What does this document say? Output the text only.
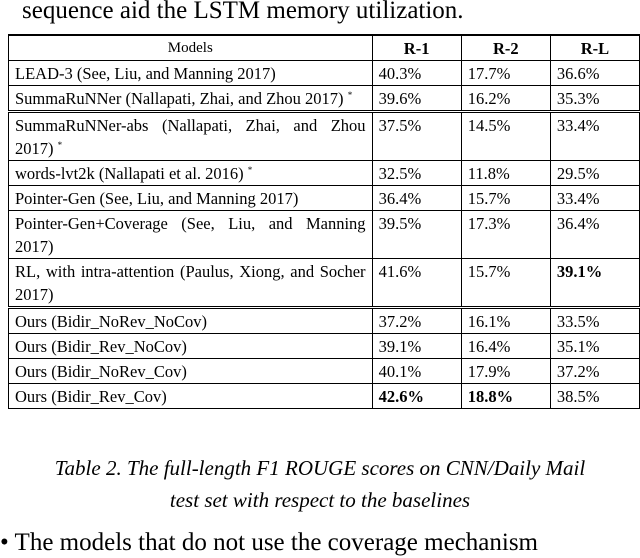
sequence aid the LSTM memory utilization.
Models	R-1	R-2	R-L
LEAD-3 (See, Liu, and Manning 2017)	40.3%	17.7%	36.6%
SummaRuNNer (Nallapati, Zhai, and Zhou 2017) *	39.6%	16.2%	35.3%
SummaRuNNer-abs (Nallapati, Zhai, and Zhou 2017) *	37.5%	14.5%	33.4%
words-lvt2k (Nallapati et al. 2016) *	32.5%	11.8%	29.5%
Pointer-Gen (See, Liu, and Manning 2017)	36.4%	15.7%	33.4%
Pointer-Gen+Coverage (See, Liu, and Manning 2017)	39.5%	17.3%	36.4%
RL, with intra-attention (Paulus, Xiong, and Socher 2017)	41.6%	15.7%	39.1%
Ours (Bidir_NoRev_NoCov)	37.2%	16.1%	33.5%
Ours (Bidir_Rev_NoCov)	39.1%	16.4%	35.1%
Ours (Bidir_NoRev_Cov)	40.1%	17.9%	37.2%
Ours (Bidir_Rev_Cov)	42.6%	18.8%	38.5%
Table 2. The full-length F1 ROUGE scores on CNN/Daily Mail
test set with respect to the baselines
• The models that do not use the coverage mechanism
